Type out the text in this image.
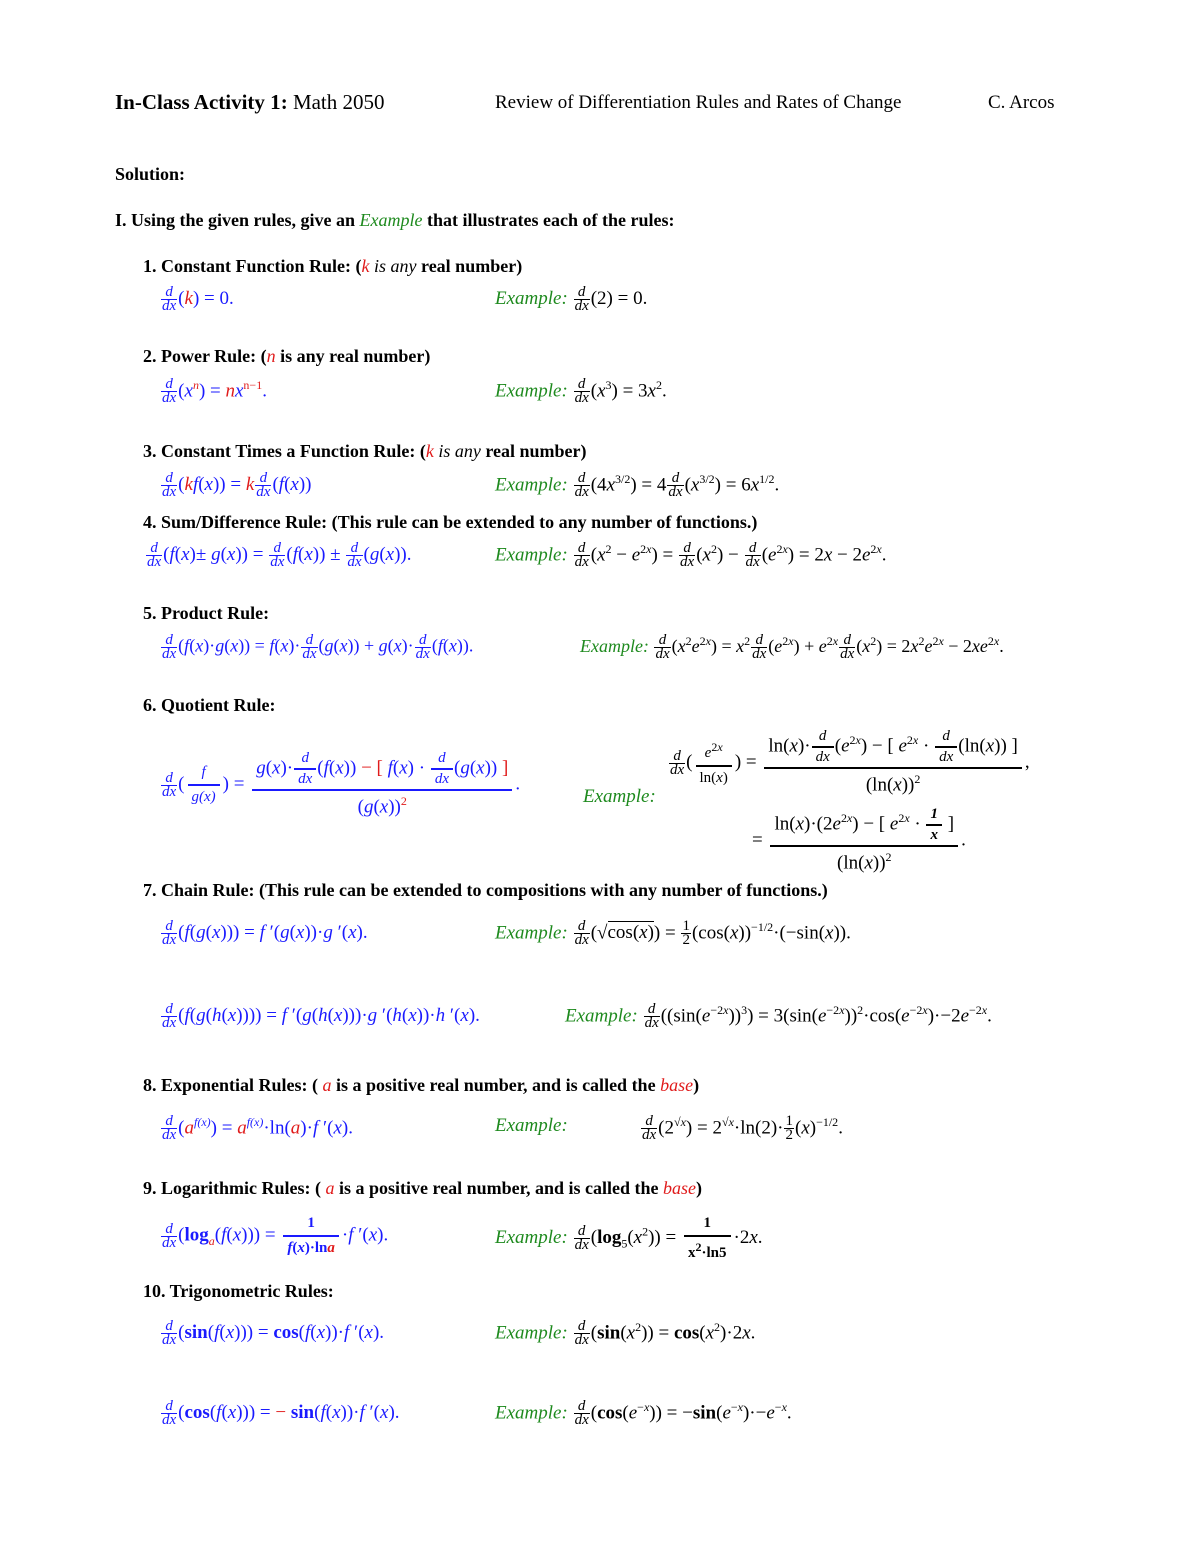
In-Class Activity 1: Math 2050	Review of Differentiation Rules and Rates of Change	C. Arcos
Solution:
I. Using the given rules, give an Example that illustrates each of the rules:
1. Constant Function Rule: (k is any real number)
$\frac{d}{dx} (k) = 0$.	Example: $\frac{d}{dx} (2) = 0$.
2. Power Rule: (n is any real number)
$\frac{d}{dx} (x^n) = nx^{n-1}$.	Example: $\frac{d}{dx} (x^3) = 3x^2$.
3. Constant Times a Function Rule: (k is any real number)
$\frac{d}{dx} (kf(x)) = k \frac{d}{dx} (f(x))$	Example: $\frac{d}{dx} (4x^{3/2}) = 4 \frac{d}{dx} (x^{3/2}) = 6x^{1/2}$.
4. Sum/Difference Rule: (This rule can be extended to any number of functions.)
$\frac{d}{dx} (f(x)\pm g(x)) = \frac{d}{dx} (f(x)) \pm \frac{d}{dx} (g(x))$.	Example: $\frac{d}{dx} (x^2 - e^{2x}) = \frac{d}{dx} (x^2) - \frac{d}{dx} (e^{2x}) = 2x - 2e^{2x}$.
5. Product Rule:
$\frac{d}{dx} (f(x)\cdot g(x)) = f(x)\cdot \frac{d}{dx} (g(x)) + g(x)\cdot \frac{d}{dx} (f(x))$.	Example: $\frac{d}{dx} (x^2e^{2x}) = x^2 \frac{d}{dx} (e^{2x}) + e^{2x} \frac{d}{dx} (x^2) = 2x^2e^{2x} - 2xe^{2x}$.
6. Quotient Rule:
$\frac{d}{dx}$ ( $\frac{f}{g(x)}$ ) = $\frac{g(x)\cdot \frac{d}{dx} (f(x)) - [ f(x) \cdot \frac{d}{dx} (g(x)) ]}{(g(x))^2}$ .
Example:
$\frac{d}{dx}$ ( $\frac{e^{2x}}{\ln(x)}$ ) = $\frac{\ln(x)\cdot \frac{d}{dx} (e^{2x}) - [ e^{2x} \cdot \frac{d}{dx} (\ln(x)) ]}{(\ln(x))^2}$ ,
= $\frac{\ln(x)\cdot(2e^{2x}) - [ e^{2x} \cdot \frac{1}{x} ]}{(\ln(x))^2}$ .
7. Chain Rule: (This rule can be extended to compositions with any number of functions.)
$\frac{d}{dx} (f(g(x))) = f$ ′(g(x))·g ′(x).	Example: $\frac{d}{dx} (√\cos(x)) = \frac{1}{2} (\cos(x))^{-1/2}\cdot(-\sin(x))$.
$\frac{d}{dx} (f(g(h(x)))) = f$ ′(g(h(x)))·g ′(h(x))·h ′(x).	Example: $\frac{d}{dx} ((\sin(e^{-2x}))^3) = 3(\sin(e^{-2x}))^2\cdot\cos(e^{-2x})\cdot-2e^{-2x}$.
8. Exponential Rules: ( a is a positive real number, and is called the base)
$\frac{d}{dx} (a^{f(x)}) = a^{f(x)}\cdot\ln(a)\cdot f$ ′(x).	Example:	$\frac{d}{dx} (2^{√x}) = 2^{√x}\cdot\ln(2)\cdot \frac{1}{2} (x)^{-1/2}$.
9. Logarithmic Rules: ( a is a positive real number, and is called the base)
$\frac{d}{dx} (\log_a(f(x))) = \frac{1}{f(x)\cdot\ln a} \cdot f$ ′(x).	Example: $\frac{d}{dx} (\log_5(x^2)) = \frac{1}{x^2\cdot\ln 5} \cdot 2x$.
10. Trigonometric Rules:
$\frac{d}{dx} (\sin(f(x))) = \cos(f(x))\cdot f$ ′(x).	Example: $\frac{d}{dx} (\sin(x^2)) = \cos(x^2)\cdot 2x$.
$\frac{d}{dx} (\cos(f(x)))$ = − sin(f(x))·f ′(x).	Example: $\frac{d}{dx} (\cos(e^{-x})) = -\sin(e^{-x})\cdot-e^{-x}$.
